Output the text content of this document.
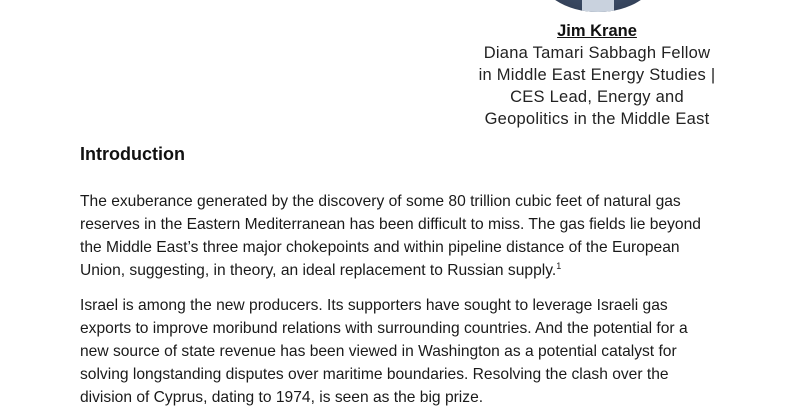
Jim Krane
Diana Tamari Sabbagh Fellow
in Middle East Energy Studies |
CES Lead, Energy and
Geopolitics in the Middle East
Introduction
The exuberance generated by the discovery of some 80 trillion cubic feet of natural gas
reserves in the Eastern Mediterranean has been difficult to miss. The gas fields lie beyond
the Middle East’s three major chokepoints and within pipeline distance of the European
Union, suggesting, in theory, an ideal replacement to Russian supply.$^1$
Israel is among the new producers. Its supporters have sought to leverage Israeli gas
exports to improve moribund relations with surrounding countries. And the potential for a
new source of state revenue has been viewed in Washington as a potential catalyst for
solving longstanding disputes over maritime boundaries. Resolving the clash over the
division of Cyprus, dating to 1974, is seen as the big prize.
